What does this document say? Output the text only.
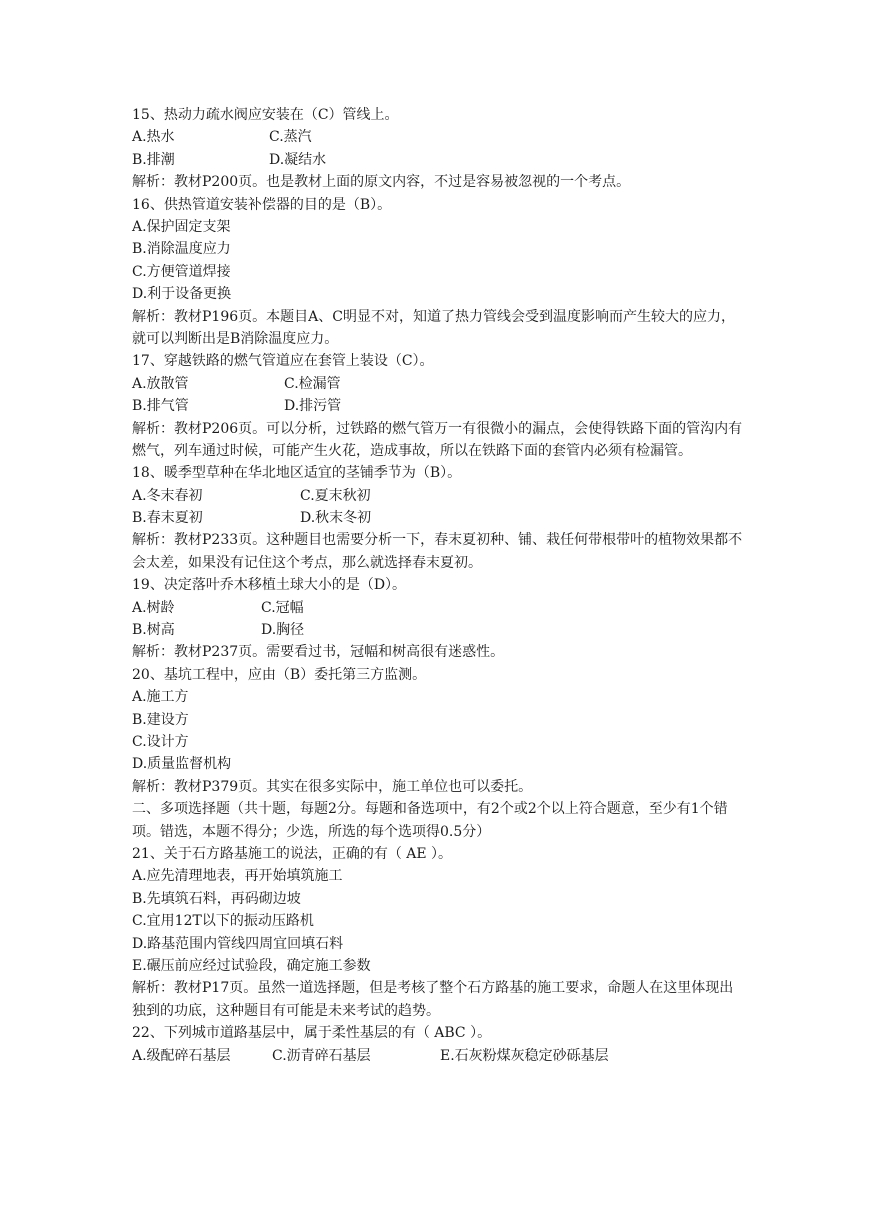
15、热动力疏水阀应安装在（C）管线上。
A.热水	C.蒸汽
B.排潮	D.凝结水
解析：教材P200页。也是教材上面的原文内容，不过是容易被忽视的一个考点。
16、供热管道安装补偿器的目的是（B）。
A.保护固定支架
B.消除温度应力
C.方便管道焊接
D.利于设备更换
解析：教材P196页。本题目A、C明显不对，知道了热力管线会受到温度影响而产生较大的应力，就可以判断出是B消除温度应力。
17、穿越铁路的燃气管道应在套管上装设（C）。
A.放散管	C.检漏管
B.排气管	D.排污管
解析：教材P206页。可以分析，过铁路的燃气管万一有很微小的漏点，会使得铁路下面的管沟内有燃气，列车通过时候，可能产生火花，造成事故，所以在铁路下面的套管内必须有检漏管。
18、暖季型草种在华北地区适宜的茎铺季节为（B）。
A.冬末春初	C.夏末秋初
B.春末夏初	D.秋末冬初
解析：教材P233页。这种题目也需要分析一下，春末夏初种、铺、栽任何带根带叶的植物效果都不会太差，如果没有记住这个考点，那么就选择春末夏初。
19、决定落叶乔木移植土球大小的是（D）。
A.树龄	C.冠幅
B.树高	D.胸径
解析：教材P237页。需要看过书，冠幅和树高很有迷惑性。
20、基坑工程中，应由（B）委托第三方监测。
A.施工方
B.建设方
C.设计方
D.质量监督机构
解析：教材P379页。其实在很多实际中，施工单位也可以委托。
二、多项选择题（共十题，每题2分。每题和备选项中，有2个或2个以上符合题意，至少有1个错项。错选，本题不得分；少选，所选的每个选项得0.5分）
21、关于石方路基施工的说法，正确的有（ AE ）。
A.应先清理地表，再开始填筑施工
B.先填筑石料，再码砌边坡
C.宜用12T以下的振动压路机
D.路基范围内管线四周宜回填石料
E.碾压前应经过试验段，确定施工参数
解析：教材P17页。虽然一道选择题，但是考核了整个石方路基的施工要求，命题人在这里体现出独到的功底，这种题目有可能是未来考试的趋势。
22、下列城市道路基层中，属于柔性基层的有（ ABC ）。
A.级配碎石基层	C.沥青碎石基层	E.石灰粉煤灰稳定砂砾基层
